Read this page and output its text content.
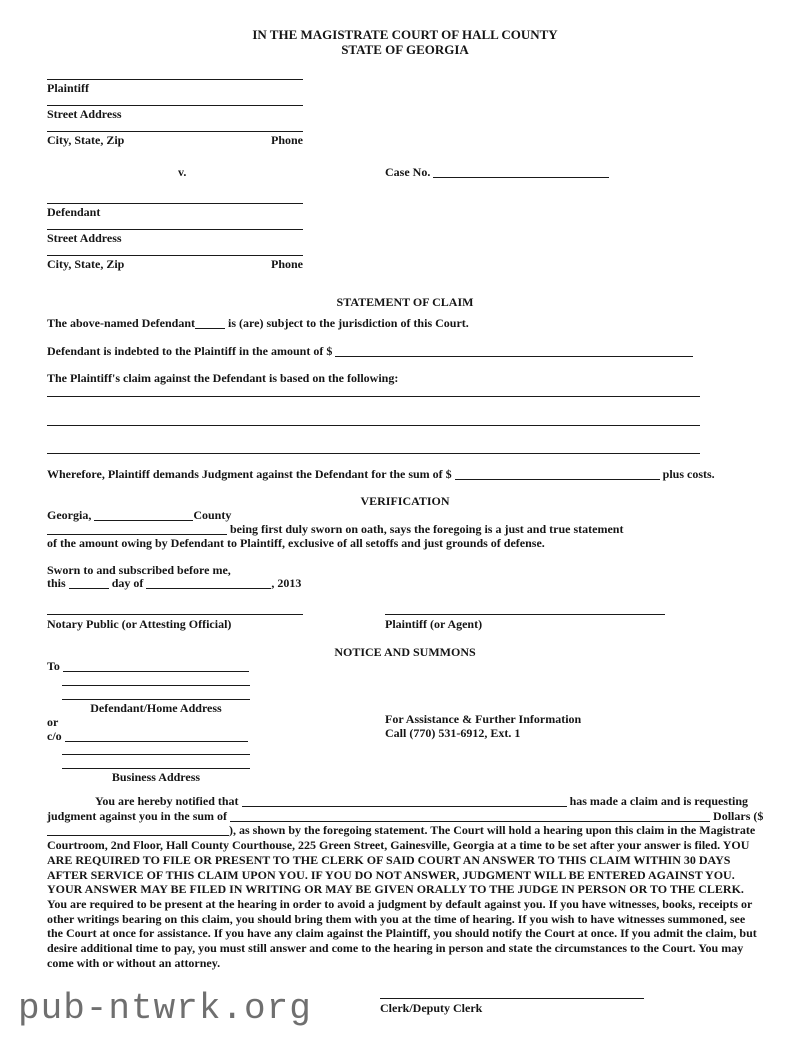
IN THE MAGISTRATE COURT OF HALL COUNTY
STATE OF GEORGIA
Plaintiff
Street Address
City, State, Zip	Phone
v.	Case No.
Defendant
Street Address
City, State, Zip	Phone
STATEMENT OF CLAIM
The above-named Defendant	is (are) subject to the jurisdiction of this Court.
Defendant is indebted to the Plaintiff in the amount of $
The Plaintiff's claim against the Defendant is based on the following:
Wherefore, Plaintiff demands Judgment against the Defendant for the sum of $	plus costs.
VERIFICATION
Georgia,	County
being first duly sworn on oath, says the foregoing is a just and true statement
of the amount owing by Defendant to Plaintiff, exclusive of all setoffs and just grounds of defense.
Sworn to and subscribed before me,
this	day of	, 2013
Notary Public (or Attesting Official)	Plaintiff (or Agent)
NOTICE AND SUMMONS
To
Defendant/Home Address
or
c/o
Business Address
For Assistance & Further Information
Call (770) 531-6912, Ext. 1
You are hereby notified that	has made a claim and is requesting judgment against you in the sum of	Dollars ($), as shown by the foregoing statement. The Court will hold a hearing upon this claim in the Magistrate Courtroom, 2nd Floor, Hall County Courthouse, 225 Green Street, Gainesville, Georgia at a time to be set after your answer is filed. YOU ARE REQUIRED TO FILE OR PRESENT TO THE CLERK OF SAID COURT AN ANSWER TO THIS CLAIM WITHIN 30 DAYS AFTER SERVICE OF THIS CLAIM UPON YOU. IF YOU DO NOT ANSWER, JUDGMENT WILL BE ENTERED AGAINST YOU. YOUR ANSWER MAY BE FILED IN WRITING OR MAY BE GIVEN ORALLY TO THE JUDGE IN PERSON OR TO THE CLERK. You are required to be present at the hearing in order to avoid a judgment by default against you. If you have witnesses, books, receipts or other writings bearing on this claim, you should bring them with you at the time of hearing. If you wish to have witnesses summoned, see the Court at once for assistance. If you have any claim against the Plaintiff, you should notify the Court at once. If you admit the claim, but desire additional time to pay, you must still answer and come to the hearing in person and state the circumstances to the Court. You may come with or without an attorney.
Clerk/Deputy Clerk
pub-ntwrk.org
